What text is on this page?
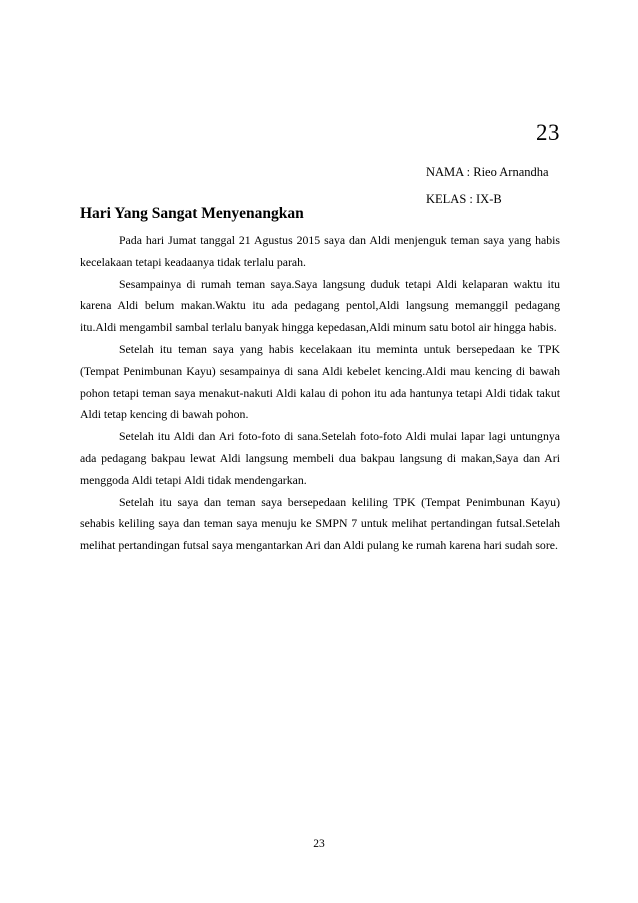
23
NAMA : Rieo Arnandha
KELAS : IX-B
Hari Yang Sangat Menyenangkan

Pada hari Jumat tanggal 21 Agustus 2015 saya dan Aldi menjenguk teman saya yang habis kecelakaan tetapi keadaanya tidak terlalu parah.

Sesampainya di rumah teman saya.Saya langsung duduk tetapi Aldi kelaparan waktu itu karena Aldi belum makan.Waktu itu ada pedagang pentol,Aldi langsung memanggil pedagang itu.Aldi mengambil sambal terlalu banyak hingga kepedasan,Aldi minum satu botol air hingga habis.

Setelah itu teman saya yang habis kecelakaan itu meminta untuk bersepedaan ke TPK (Tempat Penimbunan Kayu) sesampainya di sana Aldi kebelet kencing.Aldi mau kencing di bawah pohon tetapi teman saya menakut-nakuti Aldi kalau di pohon itu ada hantunya tetapi Aldi tidak takut Aldi tetap kencing di bawah pohon.

Setelah itu Aldi dan Ari foto-foto di sana.Setelah foto-foto Aldi mulai lapar lagi untungnya ada pedagang bakpau lewat Aldi langsung membeli dua bakpau langsung di makan,Saya dan Ari menggoda Aldi tetapi Aldi tidak mendengarkan.

Setelah itu saya dan teman saya bersepedaan keliling TPK (Tempat Penimbunan Kayu) sehabis keliling saya dan teman saya menuju ke SMPN 7 untuk melihat pertandingan futsal.Setelah melihat pertandingan futsal saya mengantarkan Ari dan Aldi pulang ke rumah karena hari sudah sore.

23
